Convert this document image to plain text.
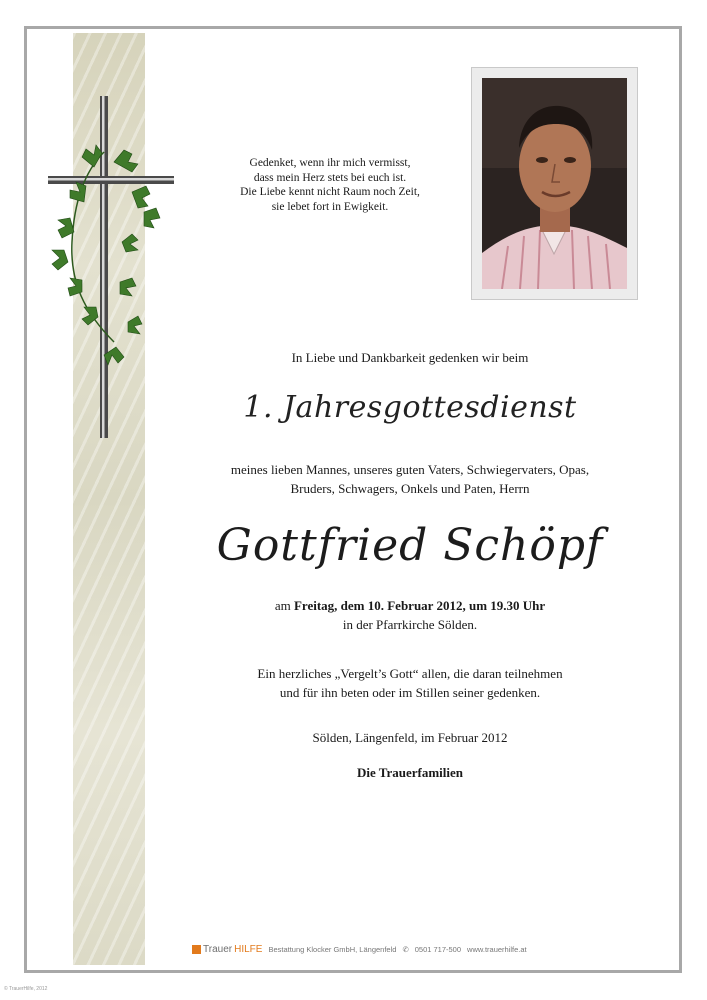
Gedenket, wenn ihr mich vermisst,
dass mein Herz stets bei euch ist.
Die Liebe kennt nicht Raum noch Zeit,
sie lebet fort in Ewigkeit.
In Liebe und Dankbarkeit gedenken wir beim
1. Jahresgottesdienst
meines lieben Mannes, unseres guten Vaters, Schwiegervaters, Opas,
Bruders, Schwagers, Onkels und Paten, Herrn
Gottfried Schöpf
am Freitag, dem 10. Februar 2012, um 19.30 Uhr
in der Pfarrkirche Sölden.
Ein herzliches „Vergelt’s Gott“ allen, die daran teilnehmen
und für ihn beten oder im Stillen seiner gedenken.
Sölden, Längenfeld, im Februar 2012
Die Trauerfamilien
Trauer HILFE Bestattung Klocker GmbH, Längenfeld ✆ 0501 717-500 www.trauerhilfe.at
© TrauerHilfe, 2012
